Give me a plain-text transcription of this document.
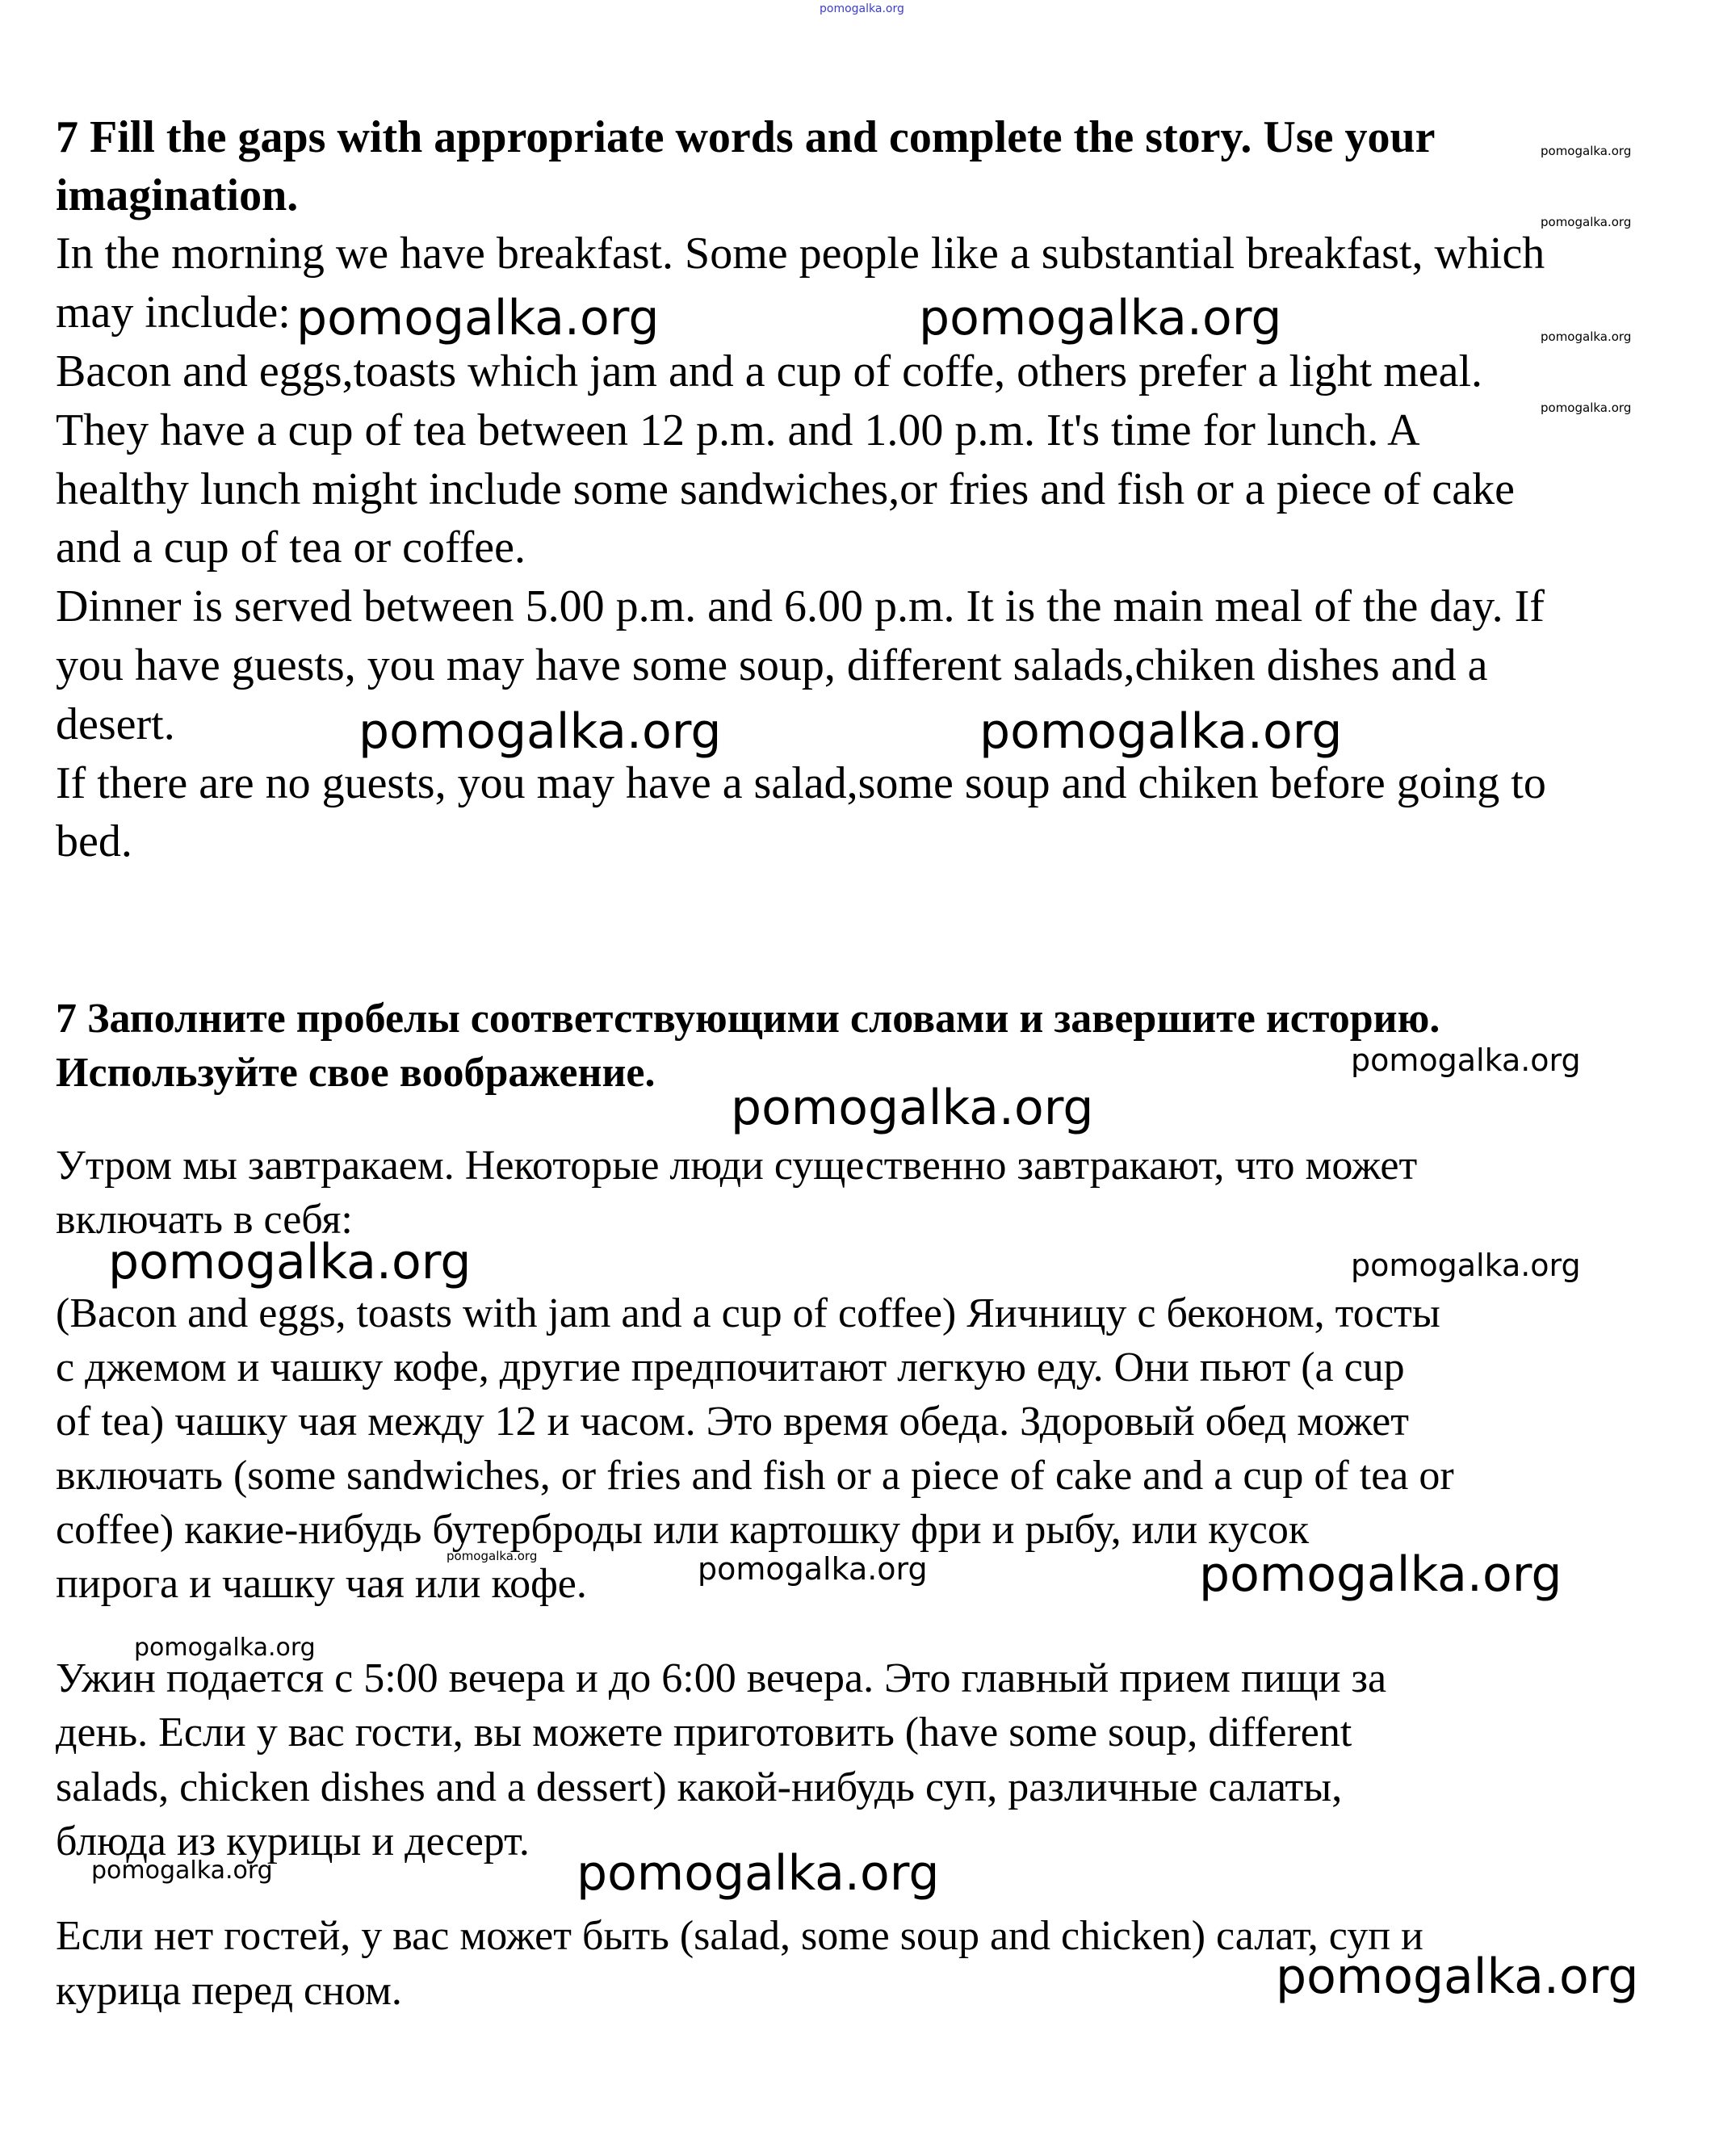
pomogalka.org
7 Fill the gaps with appropriate words and complete the story. Use your
imagination.
In the morning we have breakfast. Some people like a substantial breakfast, which
may include:
Bacon and eggs,toasts which jam and a cup of coffe, others prefer a light meal.
They have a cup of tea between 12 p.m. and 1.00 p.m. It's time for lunch. A
healthy lunch might include some sandwiches,or fries and fish or a piece of cake
and a cup of tea or coffee.
Dinner is served between 5.00 p.m. and 6.00 p.m. It is the main meal of the day. If
you have guests, you may have some soup, different salads,chiken dishes and a
desert.
If there are no guests, you may have a salad,some soup and chiken before going to
bed.
7 Заполните пробелы соответствующими словами и завершите историю.
Используйте свое воображение.
Утром мы завтракаем. Некоторые люди существенно завтракают, что может
включать в себя:
(Bacon and eggs, toasts with jam and a cup of coffee) Яичницу с беконом, тосты
с джемом и чашку кофе, другие предпочитают легкую еду. Они пьют (a cup
of tea) чашку чая между 12 и часом. Это время обеда. Здоровый обед может
включать (some sandwiches, or fries and fish or a piece of cake and a cup of tea or
coffee) какие-нибудь бутерброды или картошку фри и рыбу, или кусок
пирога и чашку чая или кофе.
Ужин подается с 5:00 вечера и до 6:00 вечера. Это главный прием пищи за
день. Если у вас гости, вы можете приготовить (have some soup, different
salads, chicken dishes and a dessert) какой-нибудь суп, различные салаты,
блюда из курицы и десерт.
Если нет гостей, у вас может быть (salad, some soup and chicken) салат, суп и
курица перед сном.
pomogalka.org
pomogalka.org
pomogalka.org
pomogalka.org
pomogalka.org	pomogalka.org
pomogalka.org	pomogalka.org
pomogalka.org
pomogalka.org
pomogalka.org	pomogalka.org
pomogalka.org	pomogalka.org	pomogalka.org
pomogalka.org
pomogalka.org	pomogalka.org
pomogalka.org
